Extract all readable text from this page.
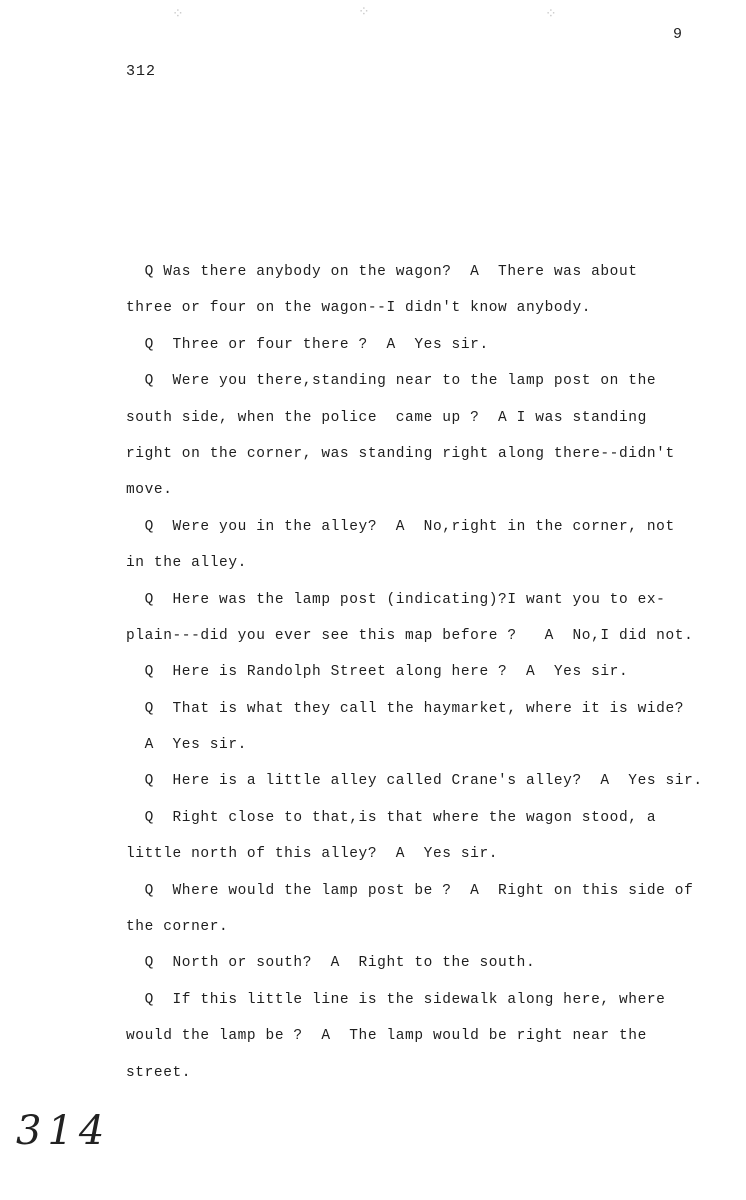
⁘	⁘	⁘
9
312
Q Was there anybody on the wagon?  A  There was about
three or four on the wagon--I didn't know anybody.
Q  Three or four there ?  A  Yes sir.
Q  Were you there,standing near to the lamp post on the
south side, when the police  came up ?  A I was standing
right on the corner, was standing right along there--didn't
move.
Q  Were you in the alley?  A  No,right in the corner, not
in the alley.
Q  Here was the lamp post (indicating)?I want you to ex-
plain---did you ever see this map before ?   A  No,I did not.
Q  Here is Randolph Street along here ?  A  Yes sir.
Q  That is what they call the haymarket, where it is wide?
A  Yes sir.
Q  Here is a little alley called Crane's alley?  A  Yes sir.
Q  Right close to that,is that where the wagon stood, a
little north of this alley?  A  Yes sir.
Q  Where would the lamp post be ?  A  Right on this side of
the corner.
Q  North or south?  A  Right to the south.
Q  If this little line is the sidewalk along here, where
would the lamp be ?  A  The lamp would be right near the
street.
314
